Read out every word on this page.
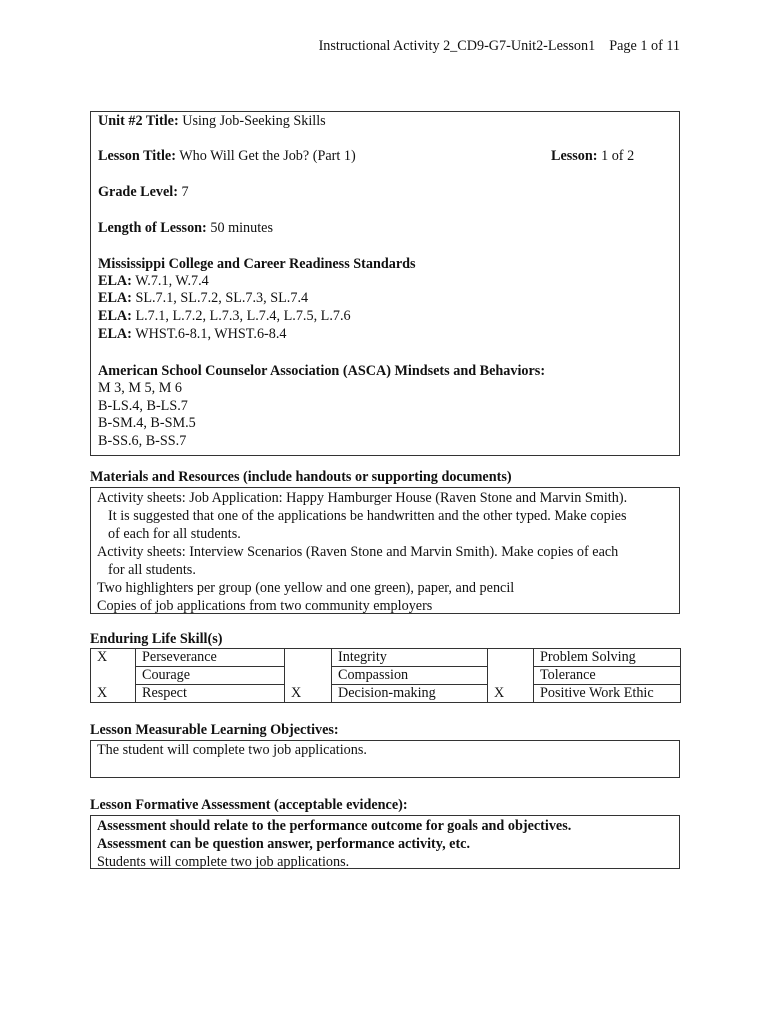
Instructional Activity 2_CD9-G7-Unit2-Lesson1 Page 1 of 11
Unit #2 Title: Using Job-Seeking Skills
Lesson Title: Who Will Get the Job? (Part 1)	Lesson: 1 of 2
Grade Level: 7
Length of Lesson: 50 minutes
Mississippi College and Career Readiness Standards
ELA: W.7.1, W.7.4
ELA: SL.7.1, SL.7.2, SL.7.3, SL.7.4
ELA: L.7.1, L.7.2, L.7.3, L.7.4, L.7.5, L.7.6
ELA: WHST.6-8.1, WHST.6-8.4
American School Counselor Association (ASCA) Mindsets and Behaviors:
M 3, M 5, M 6
B-LS.4, B-LS.7
B-SM.4, B-SM.5
B-SS.6, B-SS.7
Materials and Resources (include handouts or supporting documents)
Activity sheets: Job Application: Happy Hamburger House (Raven Stone and Marvin Smith).
It is suggested that one of the applications be handwritten and the other typed. Make copies
of each for all students.
Activity sheets: Interview Scenarios (Raven Stone and Marvin Smith). Make copies of each
for all students.
Two highlighters per group (one yellow and one green), paper, and pencil
Copies of job applications from two community employers
Enduring Life Skill(s)
X	Perseverance		Integrity		Problem Solving
	Courage		Compassion		Tolerance
X	Respect	X	Decision-making	X	Positive Work Ethic
Lesson Measurable Learning Objectives:
The student will complete two job applications.
Lesson Formative Assessment (acceptable evidence):
Assessment should relate to the performance outcome for goals and objectives.
Assessment can be question answer, performance activity, etc.
Students will complete two job applications.
